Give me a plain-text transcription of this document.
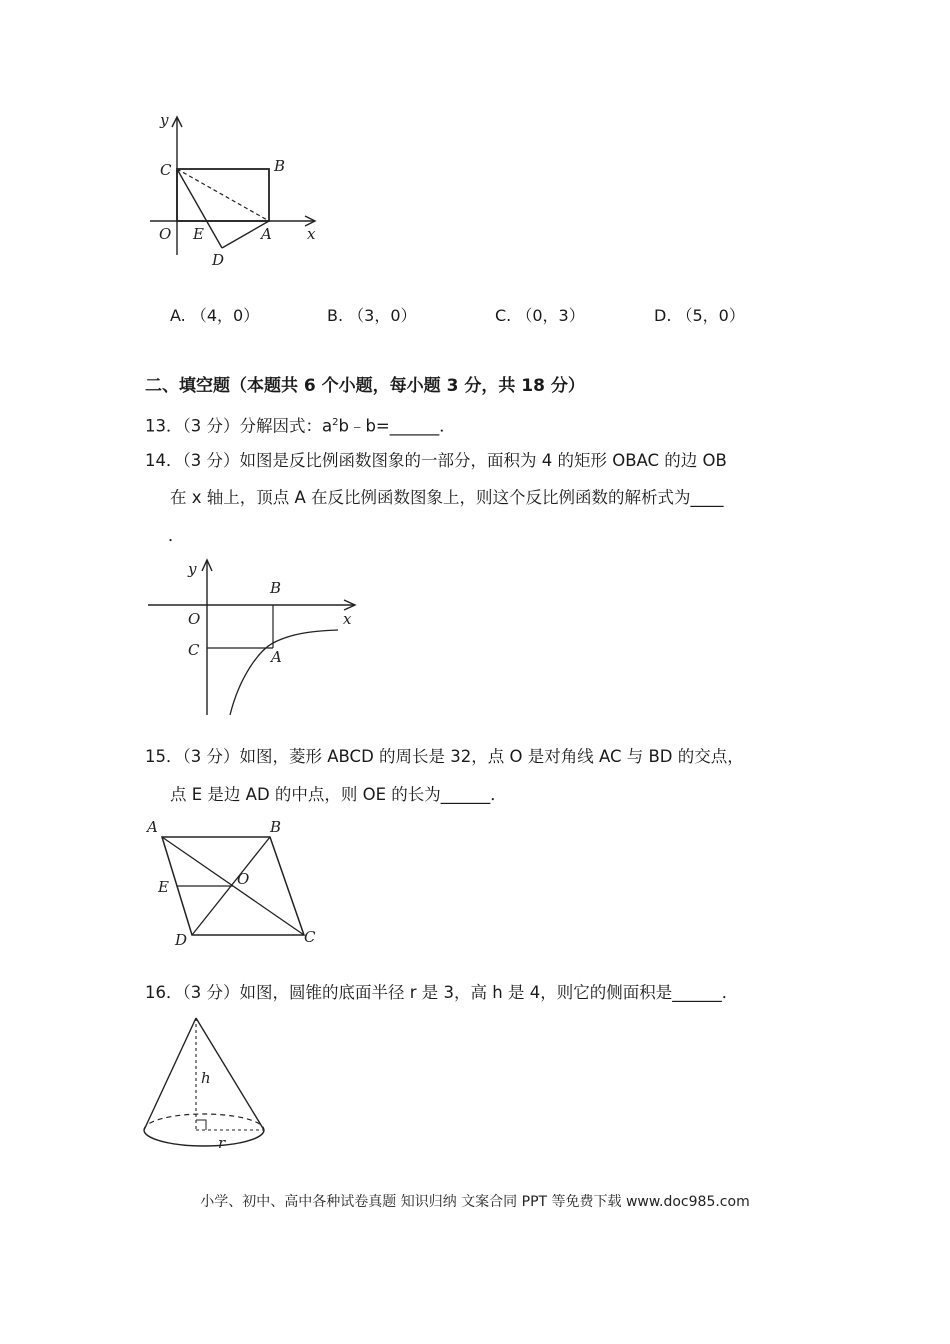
y
C	B
O E	A x
D
A. （4，0）	B. （3，0）	C. （0，3）	D. （5，0）
二、填空题（本题共 6 个小题，每小题 3 分，共 18 分）
13．（3 分）分解因式：$a^2b﹣b=\_\_\_\_\_\_$．
14．（3 分）如图是反比例函数图象的一部分，面积为 4 的矩形 OBAC 的边 OB
在 x 轴上，顶点 A 在反比例函数图象上，则这个反比例函数的解析式为____
．
y
B
O	x
C	A
15．（3 分）如图，菱形 ABCD 的周长是 32，点 O 是对角线 AC 与 BD 的交点，
点 E 是边 AD 的中点，则 OE 的长为______．
A	B
E	O
D	C
16．（3 分）如图，圆锥的底面半径 r 是 3，高 h 是 4，则它的侧面积是______．
h
r
小学、初中、高中各种试卷真题 知识归纳 文案合同 PPT 等免费下载 www.doc985.com
